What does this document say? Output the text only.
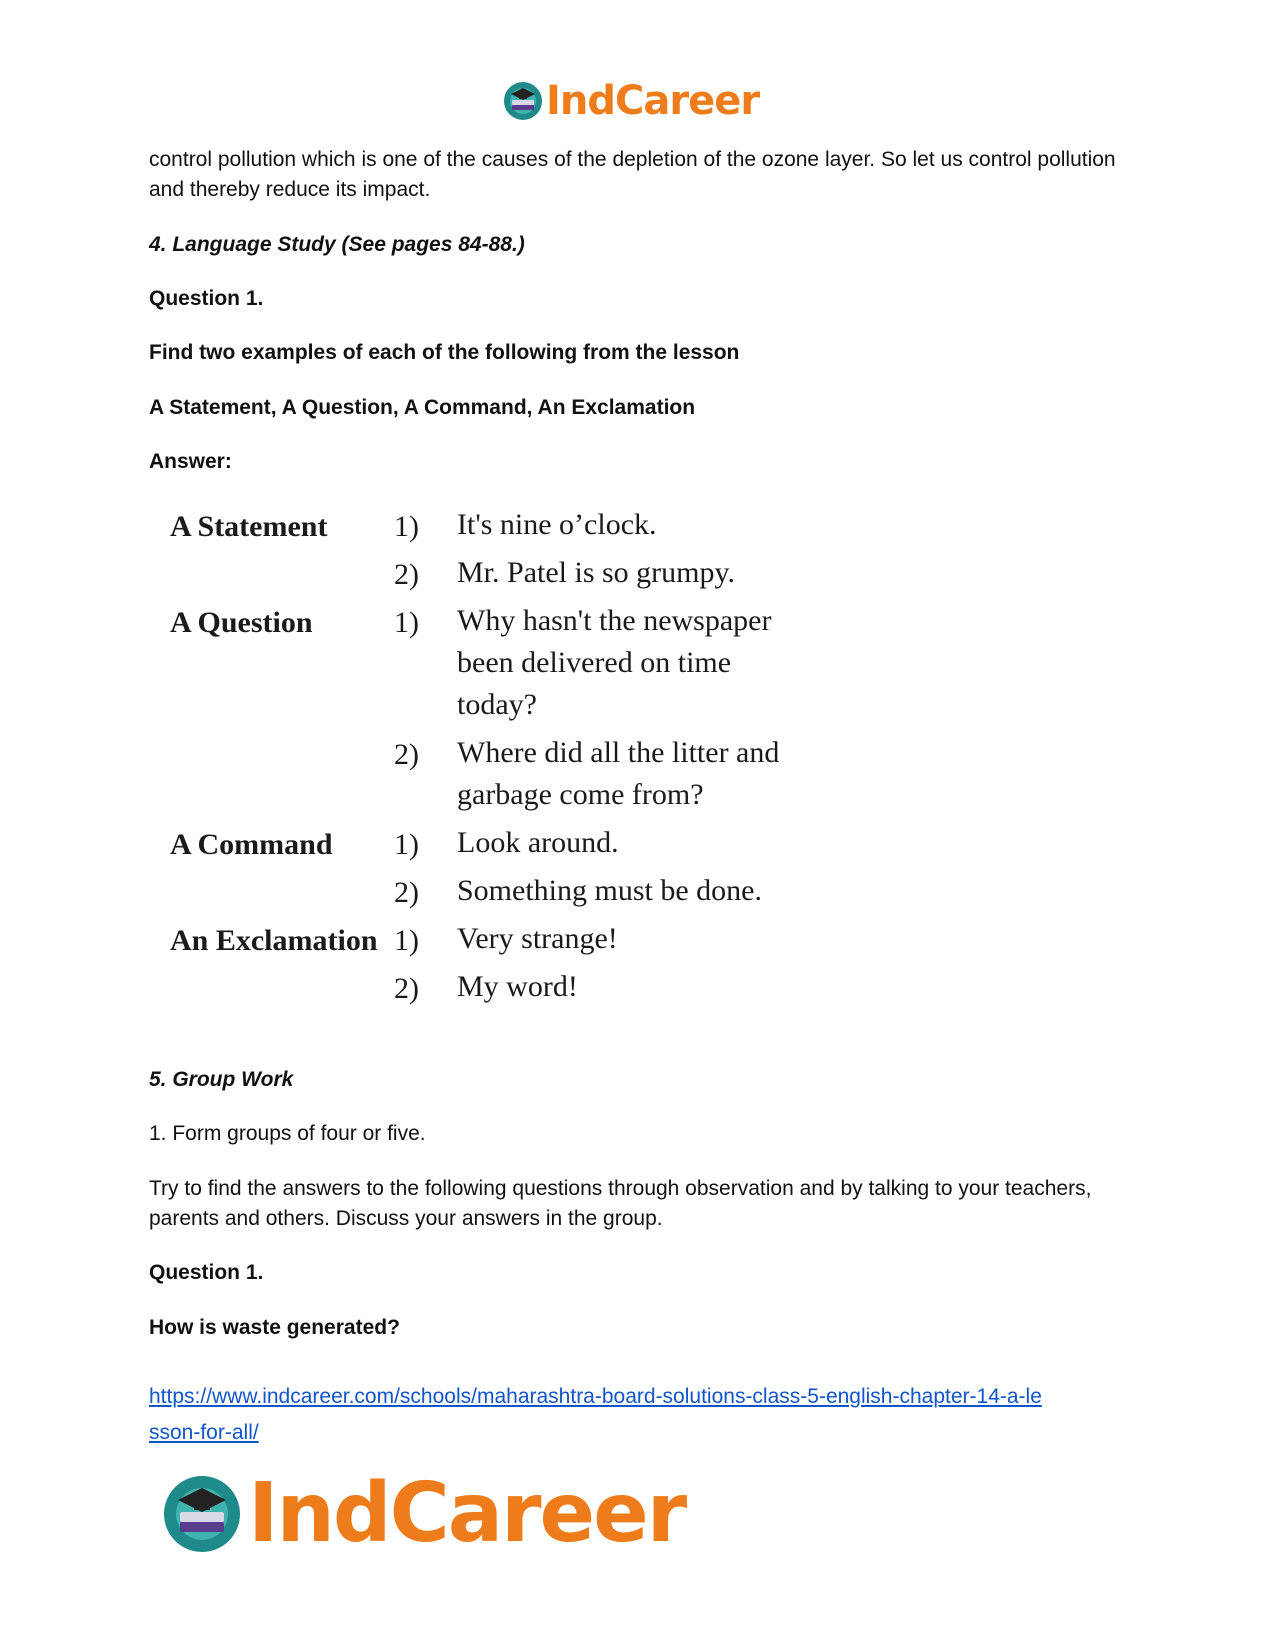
IndCareer
control pollution which is one of the causes of the depletion of the ozone layer. So let us control pollution and thereby reduce its impact.
4. Language Study (See pages 84-88.)
Question 1.
Find two examples of each of the following from the lesson
A Statement, A Question, A Command, An Exclamation
Answer:
A Statement 1) It's nine o’clock.
2) Mr. Patel is so grumpy.
A Question	1) Why hasn't the newspaper
been delivered on time
today?
2) Where did all the litter and
garbage come from?
A Command 1) Look around.
2) Something must be done.
An Exclamation 1) Very strange!
2) My word!
5. Group Work
1. Form groups of four or five.
Try to find the answers to the following questions through observation and by talking to your teachers, parents and others. Discuss your answers in the group.
Question 1.
How is waste generated?
https://www.indcareer.com/schools/maharashtra-board-solutions-class-5-english-chapter-14-a-le
sson-for-all/
IndCareer
